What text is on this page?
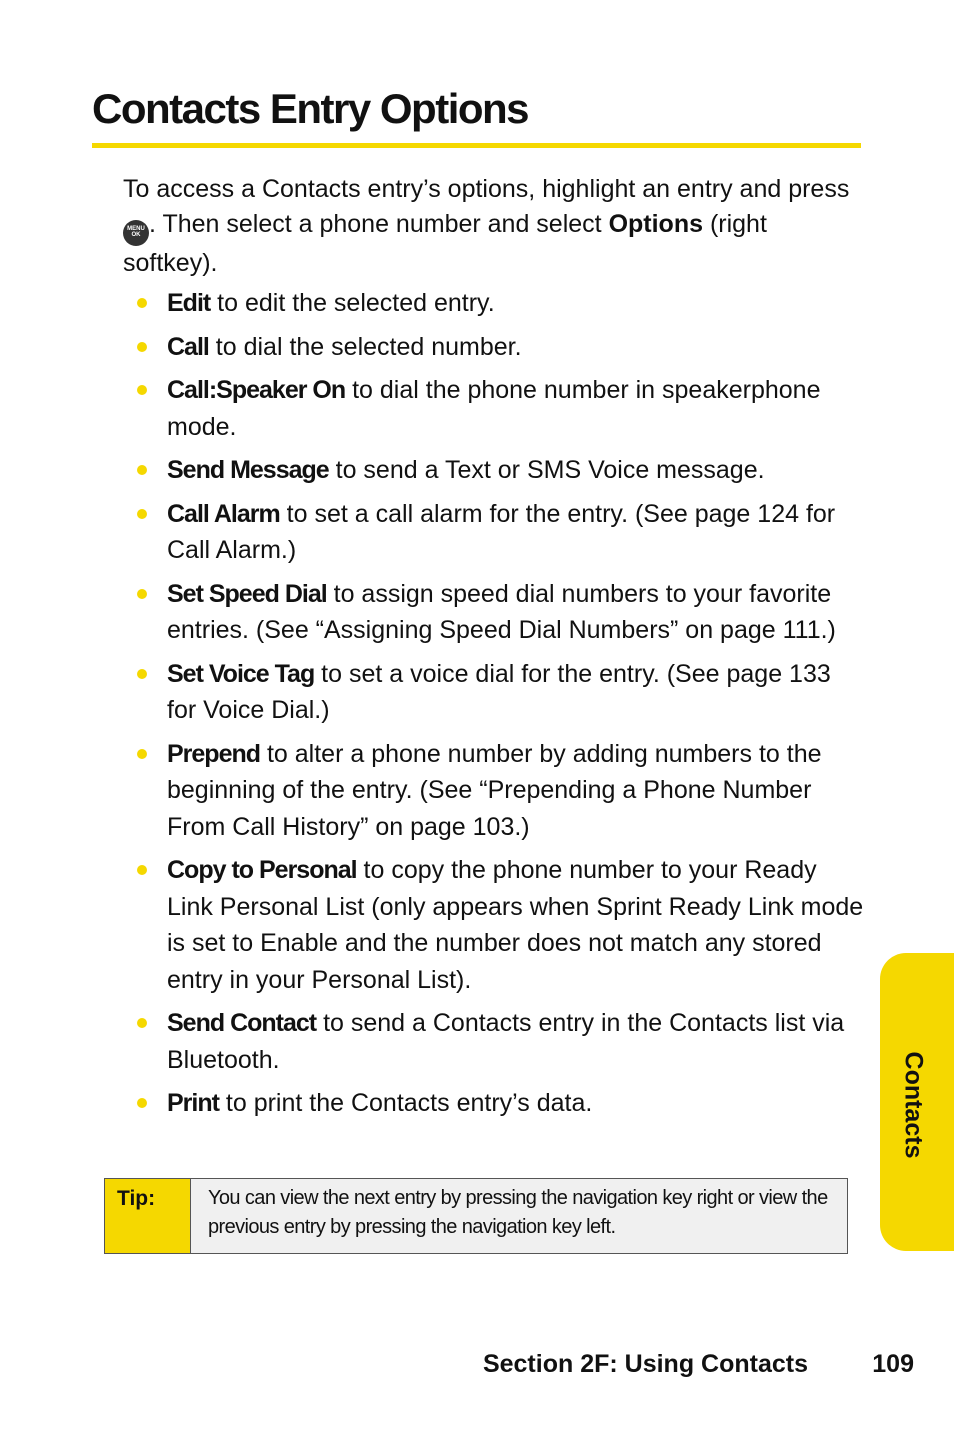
Contacts Entry Options

To access a Contacts entry’s options, highlight an entry and press
MENU
OK . Then select a phone number and select Options (right softkey).

Edit to edit the selected entry.
Call to dial the selected number.
Call:Speaker On to dial the phone number in speakerphone mode.
Send Message to send a Text or SMS Voice message.
Call Alarm to set a call alarm for the entry. (See page 124 for Call Alarm.)
Set Speed Dial to assign speed dial numbers to your favorite entries. (See “Assigning Speed Dial Numbers” on page 111.)
Set Voice Tag to set a voice dial for the entry. (See page 133 for Voice Dial.)
Prepend to alter a phone number by adding numbers to the beginning of the entry. (See “Prepending a Phone Number From Call History” on page 103.)
Copy to Personal to copy the phone number to your Ready Link Personal List (only appears when Sprint Ready Link mode is set to Enable and the number does not match any stored entry in your Personal List).
Send Contact to send a Contacts entry in the Contacts list via Bluetooth.
Print to print the Contacts entry’s data.
Tip:	You can view the next entry by pressing the navigation key right or view the previous entry by pressing the navigation key left.
Contacts
Section 2F: Using Contacts	109
